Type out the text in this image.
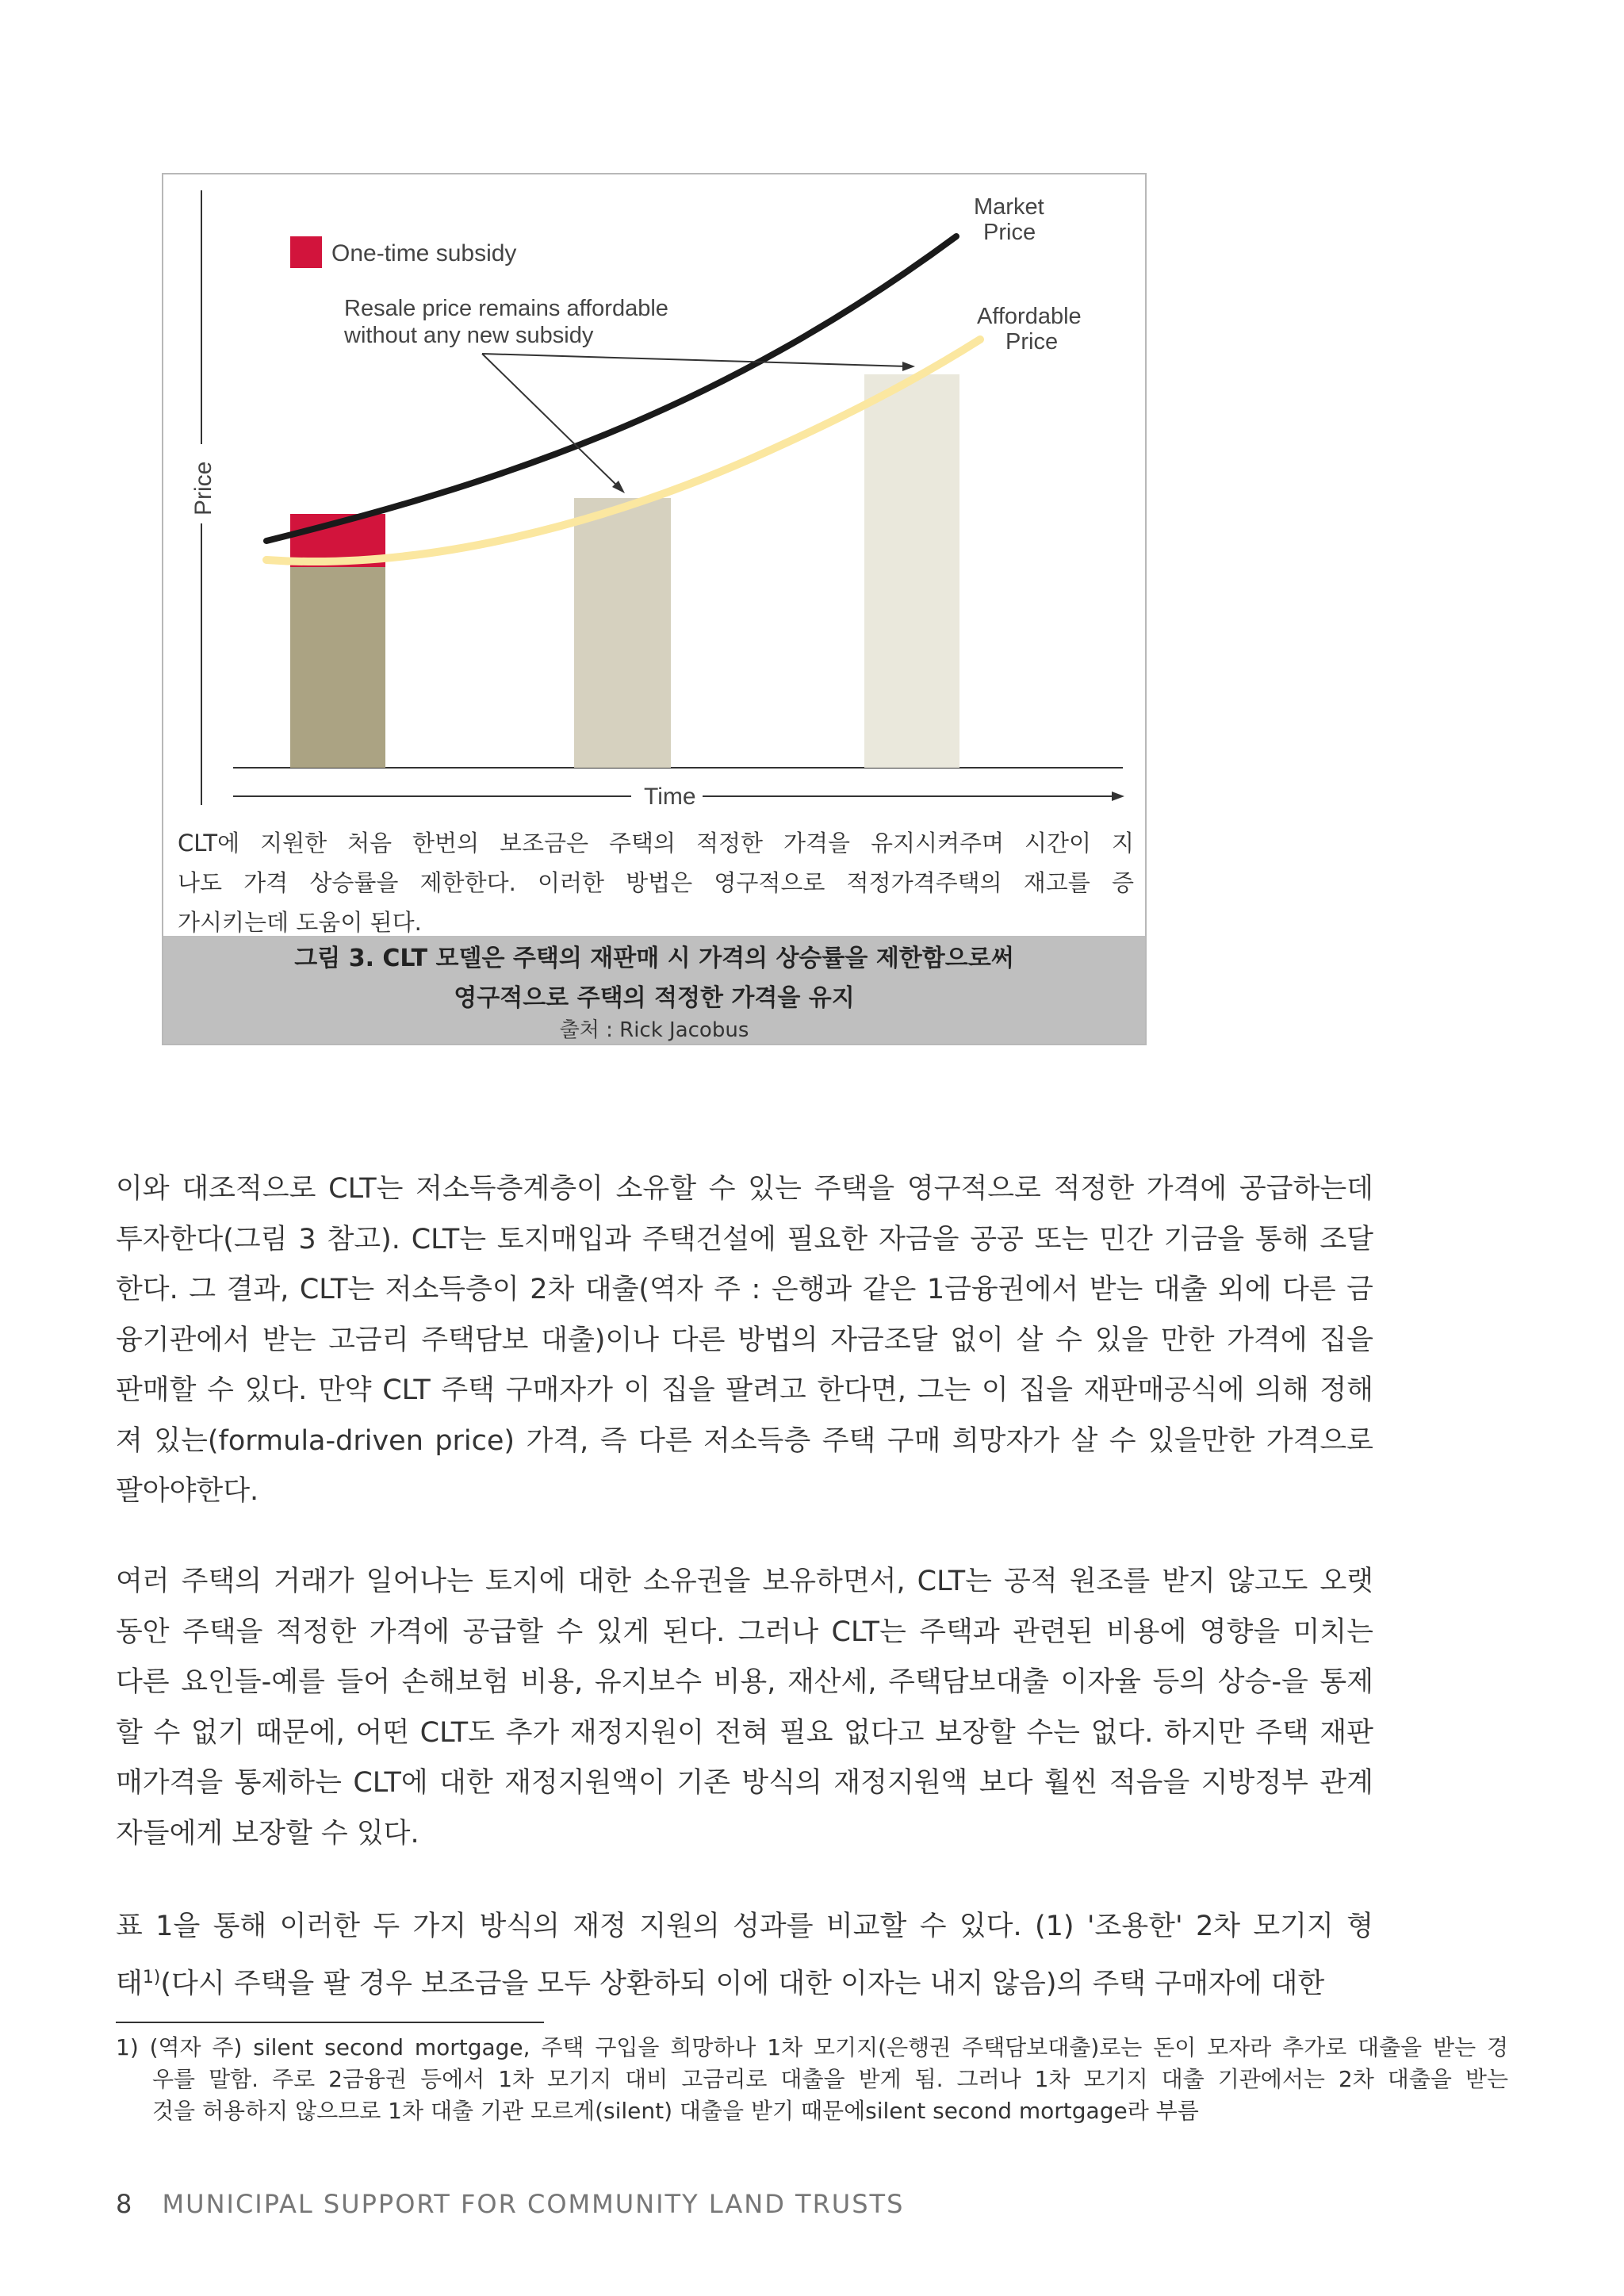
Time
Price
One-time subsidy
Resale price remains affordable
without any new subsidy
Market
Price
Affordable
Price
CLT에 지원한 처음 한번의 보조금은 주택의 적정한 가격을 유지시켜주며 시간이 지
나도 가격 상승률을 제한한다. 이러한 방법은 영구적으로 적정가격주택의 재고를 증
가시키는데 도움이 된다.
그림 3. CLT 모델은 주택의 재판매 시 가격의 상승률을 제한함으로써
영구적으로 주택의 적정한 가격을 유지
출처 : Rick Jacobus

이와 대조적으로 CLT는 저소득층계층이 소유할 수 있는 주택을 영구적으로 적정한 가격에 공급하는데

투자한다(그림 3 참고). CLT는 토지매입과 주택건설에 필요한 자금을 공공 또는 민간 기금을 통해 조달

한다. 그 결과, CLT는 저소득층이 2차 대출(역자 주 : 은행과 같은 1금융권에서 받는 대출 외에 다른 금

융기관에서 받는 고금리 주택담보 대출)이나 다른 방법의 자금조달 없이 살 수 있을 만한 가격에 집을

판매할 수 있다. 만약 CLT 주택 구매자가 이 집을 팔려고 한다면, 그는 이 집을 재판매공식에 의해 정해

져 있는(formula-driven price) 가격, 즉 다른 저소득층 주택 구매 희망자가 살 수 있을만한 가격으로

팔아야한다.

여러 주택의 거래가 일어나는 토지에 대한 소유권을 보유하면서, CLT는 공적 원조를 받지 않고도 오랫

동안 주택을 적정한 가격에 공급할 수 있게 된다. 그러나 CLT는 주택과 관련된 비용에 영향을 미치는

다른 요인들-예를 들어 손해보험 비용, 유지보수 비용, 재산세, 주택담보대출 이자율 등의 상승-을 통제

할 수 없기 때문에, 어떤 CLT도 추가 재정지원이 전혀 필요 없다고 보장할 수는 없다. 하지만 주택 재판

매가격을 통제하는 CLT에 대한 재정지원액이 기존 방식의 재정지원액 보다 훨씬 적음을 지방정부 관계

자들에게 보장할 수 있다.

표 1을 통해 이러한 두 가지 방식의 재정 지원의 성과를 비교할 수 있다. (1) '조용한' 2차 모기지 형

태$^{1)}$(다시 주택을 팔 경우 보조금을 모두 상환하되 이에 대한 이자는 내지 않음)의 주택 구매자에 대한

1) (역자 주) silent second mortgage, 주택 구입을 희망하나 1차 모기지(은행권 주택담보대출)로는 돈이 모자라 추가로 대출을 받는 경
우를 말함. 주로 2금융권 등에서 1차 모기지 대비 고금리로 대출을 받게 됨. 그러나 1차 모기지 대출 기관에서는 2차 대출을 받는
것을 허용하지 않으므로 1차 대출 기관 모르게(silent) 대출을 받기 때문에silent second mortgage라 부름
8 MUNICIPAL SUPPORT FOR COMMUNITY LAND TRUSTS
